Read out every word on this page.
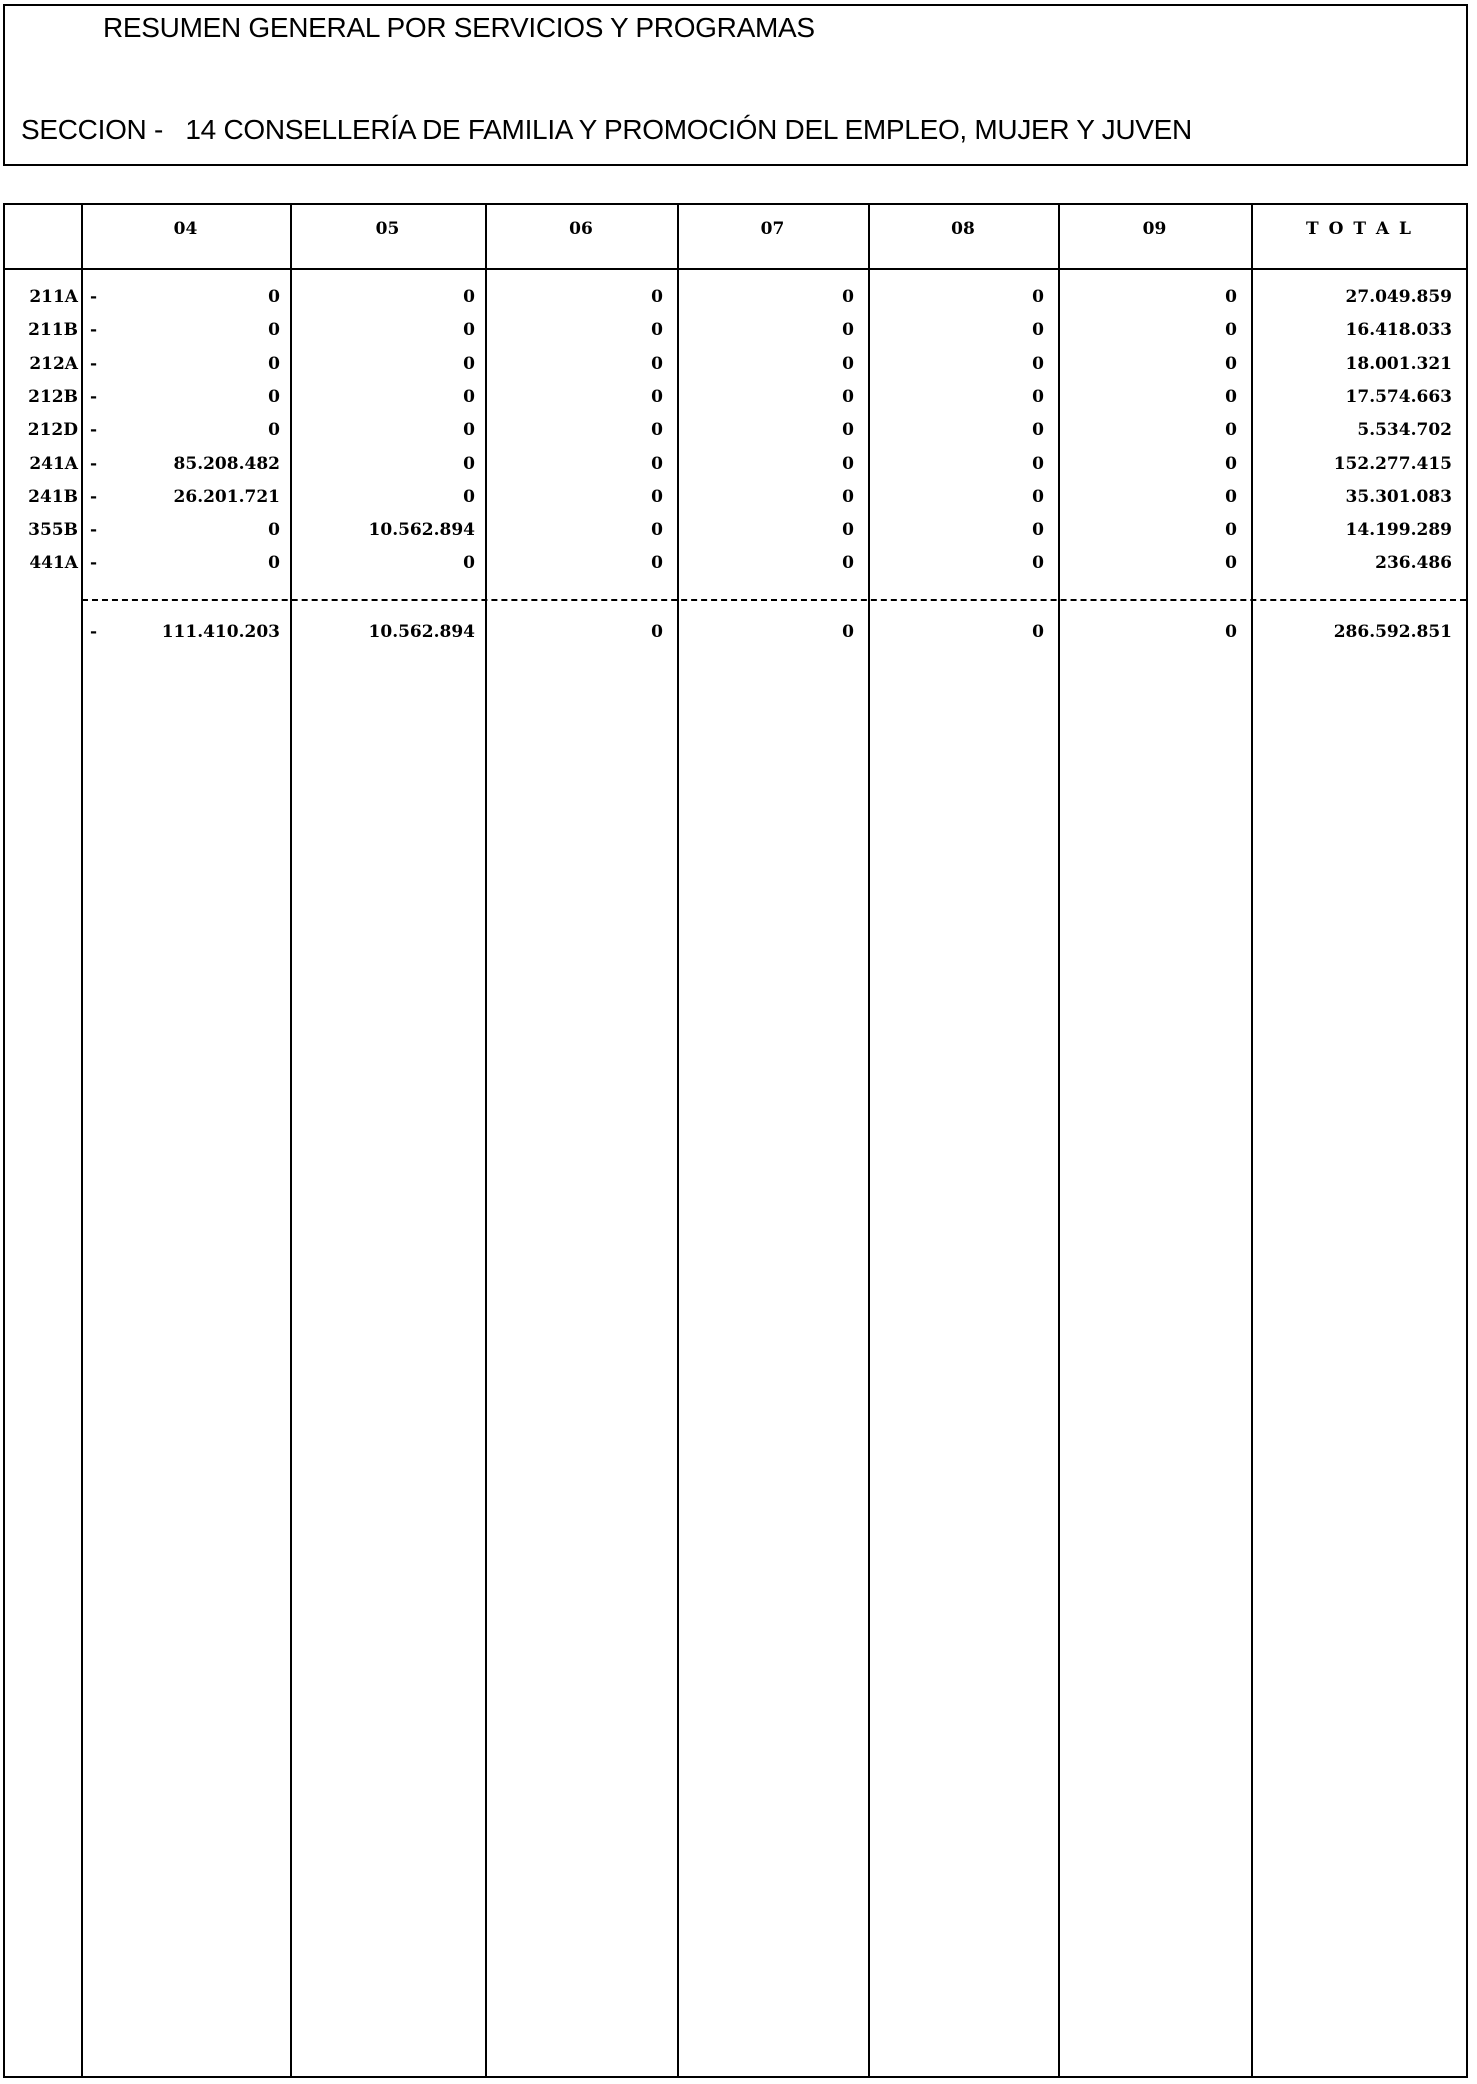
RESUMEN GENERAL POR SERVICIOS Y PROGRAMAS
SECCION -   14 CONSELLERÍA DE FAMILIA Y PROMOCIÓN DEL EMPLEO, MUJER Y JUVEN
04	05	06	07	08	09	T O T A L
211A -	0	0	0	0	0	0	27.049.859
211B -	0	0	0	0	0	0	16.418.033
212A -	0	0	0	0	0	0	18.001.321
212B -	0	0	0	0	0	0	17.574.663
212D -	0	0	0	0	0	0	5.534.702
241A -	85.208.482	0	0	0	0	0	152.277.415
241B -	26.201.721	0	0	0	0	0	35.301.083
355B -	0	10.562.894	0	0	0	0	14.199.289
441A -	0	0	0	0	0	0	236.486
-	111.410.203	10.562.894	0	0	0	0	286.592.851
